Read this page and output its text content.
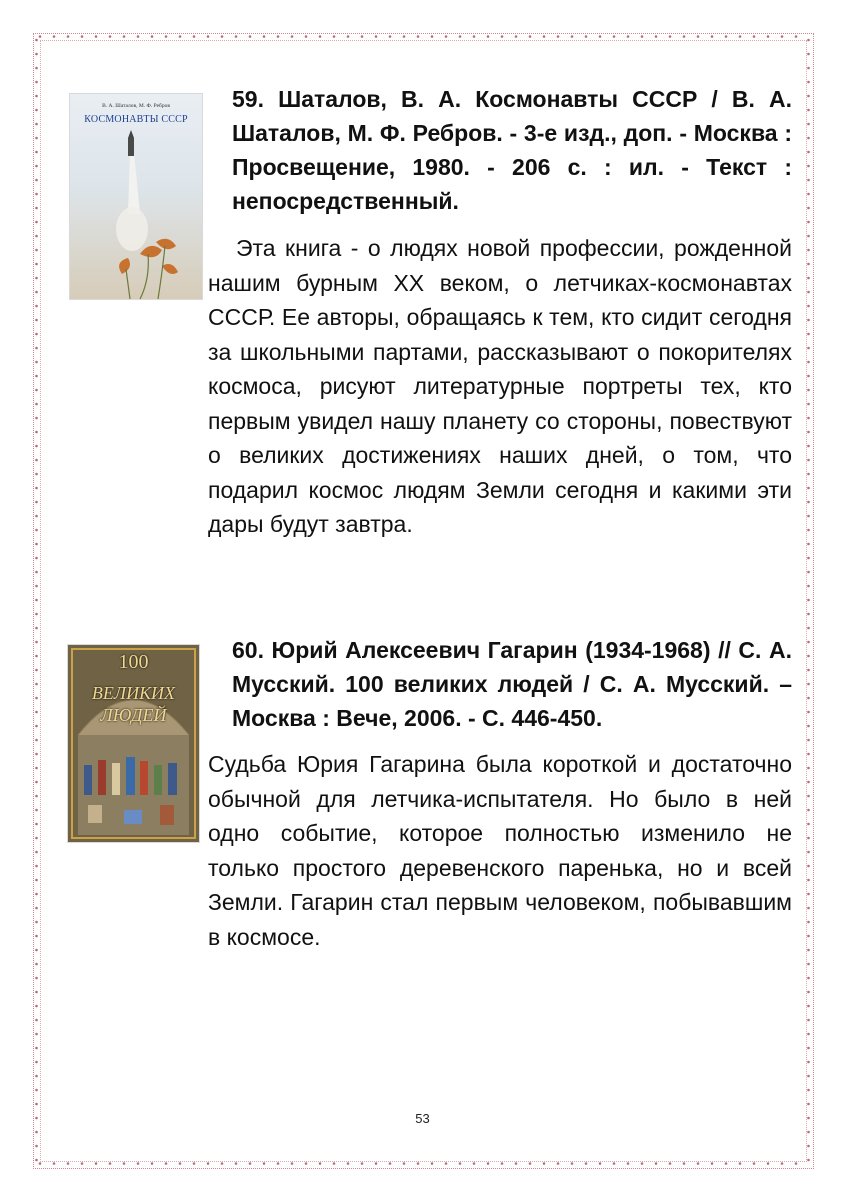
В. А. Шаталов, М. Ф. Ребров
КОСМОНАВТЫ СССР
59. Шаталов, В. А. Космонавты СССР / В. А. Шаталов, М. Ф. Ребров. - 3-е изд., доп. - Москва : Просвещение, 1980. - 206 с. : ил. - Текст : непосредственный.
Эта книга - о людях новой профессии, рожденной нашим бурным XX веком, о летчиках-космонавтах СССР. Ее авторы, обращаясь к тем, кто сидит сегодня за школьными партами, рассказывают о покорителях космоса, рисуют литературные портреты тех, кто первым увидел нашу планету со стороны, повествуют о великих достижениях наших дней, о том, что подарил космос людям Земли сегодня и какими эти дары будут завтра.
100
ВЕЛИКИХ
ЛЮДЕЙ
60. Юрий Алексеевич Гагарин (1934-1968) // С. А. Мусский. 100 великих людей / С. А. Мусский. – Москва : Вече, 2006. - С. 446-450.
Судьба Юрия Гагарина была короткой и достаточно обычной для летчика-испытателя. Но было в ней одно событие, которое полностью изменило не только простого деревенского паренька, но и всей Земли. Гагарин стал первым человеком, побывавшим в космосе.
53
